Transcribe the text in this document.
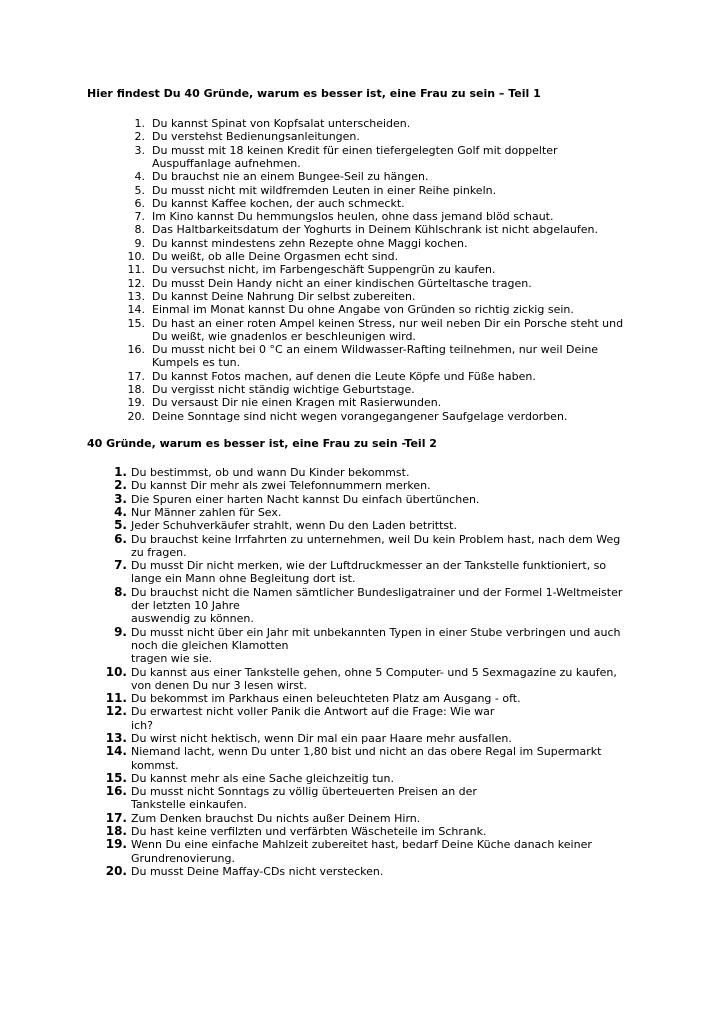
Hier findest Du 40 Gründe, warum es besser ist, eine Frau zu sein – Teil 1
1. Du kannst Spinat von Kopfsalat unterscheiden.
2. Du verstehst Bedienungsanleitungen.
3. Du musst mit 18 keinen Kredit für einen tiefergelegten Golf mit doppelter
Auspuffanlage aufnehmen.
4. Du brauchst nie an einem Bungee-Seil zu hängen.
5. Du musst nicht mit wildfremden Leuten in einer Reihe pinkeln.
6. Du kannst Kaffee kochen, der auch schmeckt.
7. Im Kino kannst Du hemmungslos heulen, ohne dass jemand blöd schaut.
8. Das Haltbarkeitsdatum der Yoghurts in Deinem Kühlschrank ist nicht abgelaufen.
9. Du kannst mindestens zehn Rezepte ohne Maggi kochen.
10. Du weißt, ob alle Deine Orgasmen echt sind.
11. Du versuchst nicht, im Farbengeschäft Suppengrün zu kaufen.
12. Du musst Dein Handy nicht an einer kindischen Gürteltasche tragen.
13. Du kannst Deine Nahrung Dir selbst zubereiten.
14. Einmal im Monat kannst Du ohne Angabe von Gründen so richtig zickig sein.
15. Du hast an einer roten Ampel keinen Stress, nur weil neben Dir ein Porsche steht und
Du weißt, wie gnadenlos er beschleunigen wird.
16. Du musst nicht bei 0 °C an einem Wildwasser-Rafting teilnehmen, nur weil Deine
Kumpels es tun.
17. Du kannst Fotos machen, auf denen die Leute Köpfe und Füße haben.
18. Du vergisst nicht ständig wichtige Geburtstage.
19. Du versaust Dir nie einen Kragen mit Rasierwunden.
20. Deine Sonntage sind nicht wegen vorangegangener Saufgelage verdorben.
40 Gründe, warum es besser ist, eine Frau zu sein -Teil 2
1. Du bestimmst, ob und wann Du Kinder bekommst.
2. Du kannst Dir mehr als zwei Telefonnummern merken.
3. Die Spuren einer harten Nacht kannst Du einfach übertünchen.
4. Nur Männer zahlen für Sex.
5. Jeder Schuhverkäufer strahlt, wenn Du den Laden betrittst.
6. Du brauchst keine Irrfahrten zu unternehmen, weil Du kein Problem hast, nach dem Weg
zu fragen.
7. Du musst Dir nicht merken, wie der Luftdruckmesser an der Tankstelle funktioniert, so
lange ein Mann ohne Begleitung dort ist.
8. Du brauchst nicht die Namen sämtlicher Bundesligatrainer und der Formel 1-Weltmeister
der letzten 10 Jahre
auswendig zu können.
9. Du musst nicht über ein Jahr mit unbekannten Typen in einer Stube verbringen und auch
noch die gleichen Klamotten
tragen wie sie.
10. Du kannst aus einer Tankstelle gehen, ohne 5 Computer- und 5 Sexmagazine zu kaufen,
von denen Du nur 3 lesen wirst.
11. Du bekommst im Parkhaus einen beleuchteten Platz am Ausgang - oft.
12. Du erwartest nicht voller Panik die Antwort auf die Frage: Wie war
ich?
13. Du wirst nicht hektisch, wenn Dir mal ein paar Haare mehr ausfallen.
14. Niemand lacht, wenn Du unter 1,80 bist und nicht an das obere Regal im Supermarkt
kommst.
15. Du kannst mehr als eine Sache gleichzeitig tun.
16. Du musst nicht Sonntags zu völlig überteuerten Preisen an der
Tankstelle einkaufen.
17. Zum Denken brauchst Du nichts außer Deinem Hirn.
18. Du hast keine verfilzten und verfärbten Wäscheteile im Schrank.
19. Wenn Du eine einfache Mahlzeit zubereitet hast, bedarf Deine Küche danach keiner
Grundrenovierung.
20. Du musst Deine Maffay-CDs nicht verstecken.
